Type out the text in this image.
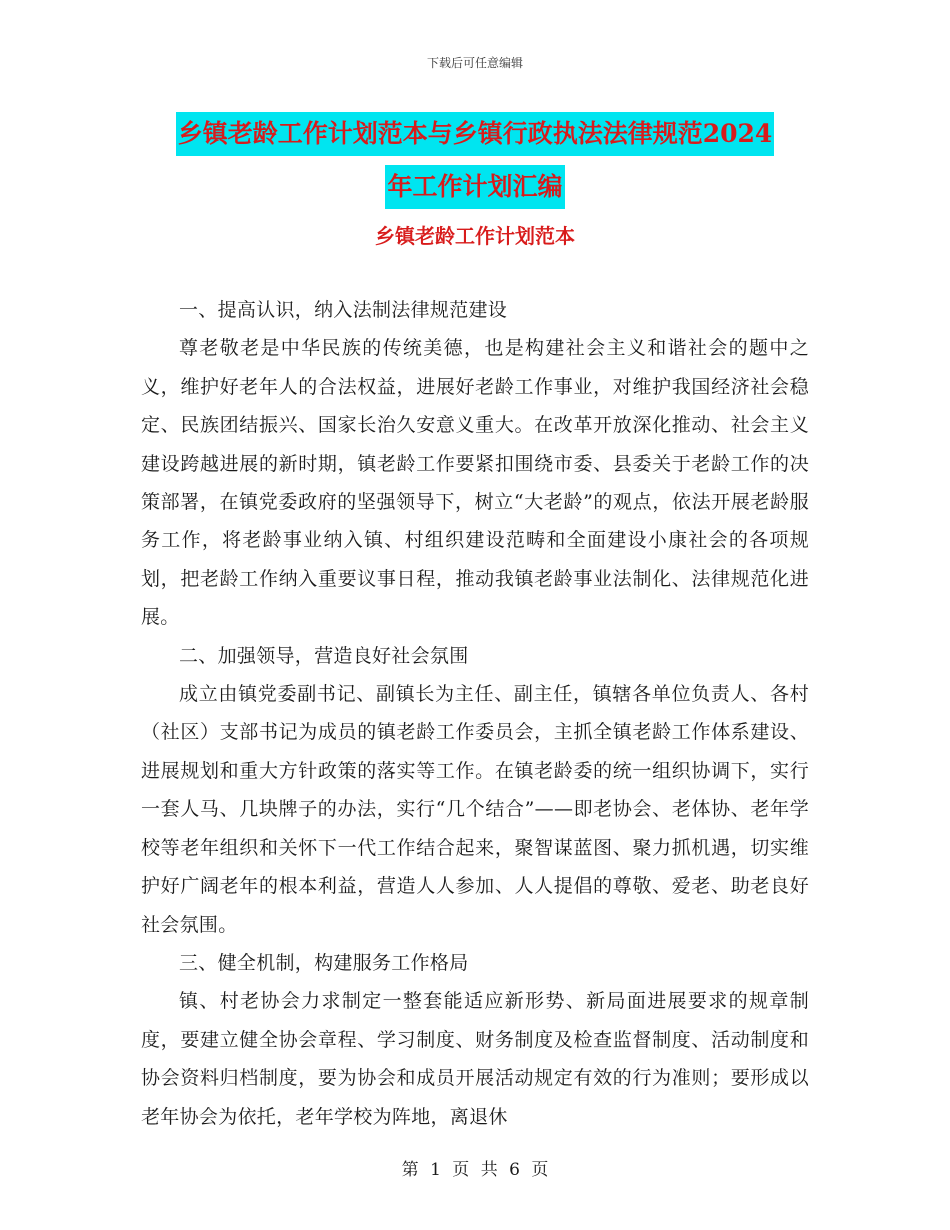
下载后可任意编辑
乡镇老龄工作计划范本与乡镇行政执法法律规范2024
年工作计划汇编
乡镇老龄工作计划范本

一、提高认识，纳入法制法律规范建设

尊老敬老是中华民族的传统美德，也是构建社会主义和谐社会的题中之义，维护好老年人的合法权益，进展好老龄工作事业，对维护我国经济社会稳定、民族团结振兴、国家长治久安意义重大。在改革开放深化推动、社会主义建设跨越进展的新时期，镇老龄工作要紧扣围绕市委、县委关于老龄工作的决策部署，在镇党委政府的坚强领导下，树立“大老龄”的观点，依法开展老龄服务工作，将老龄事业纳入镇、村组织建设范畴和全面建设小康社会的各项规划，把老龄工作纳入重要议事日程，推动我镇老龄事业法制化、法律规范化进展。

二、加强领导，营造良好社会氛围

成立由镇党委副书记、副镇长为主任、副主任，镇辖各单位负责人、各村（社区）支部书记为成员的镇老龄工作委员会，主抓全镇老龄工作体系建设、进展规划和重大方针政策的落实等工作。在镇老龄委的统一组织协调下，实行一套人马、几块牌子的办法，实行“几个结合”——即老协会、老体协、老年学校等老年组织和关怀下一代工作结合起来，聚智谋蓝图、聚力抓机遇，切实维护好广阔老年的根本利益，营造人人参加、人人提倡的尊敬、爱老、助老良好社会氛围。

三、健全机制，构建服务工作格局

镇、村老协会力求制定一整套能适应新形势、新局面进展要求的规章制度，要建立健全协会章程、学习制度、财务制度及检查监督制度、活动制度和协会资料归档制度，要为协会和成员开展活动规定有效的行为准则；要形成以老年协会为依托，老年学校为阵地，离退休

第 1 页 共 6 页
